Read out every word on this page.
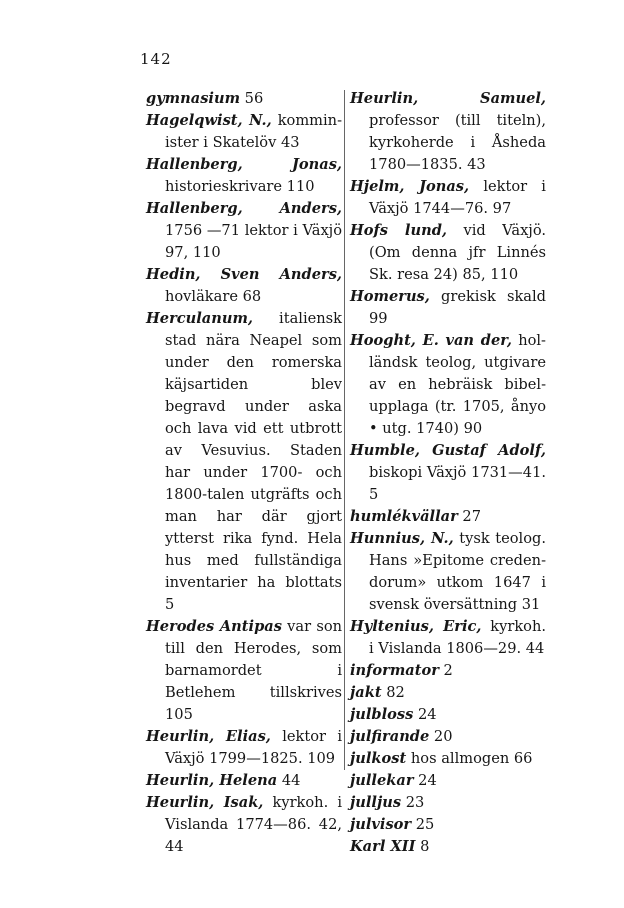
142
gymnasium 56
Hagelqwist, N., komminister i Skatelöv 43
Hallenberg, Jonas, historieskrivare 110
Hallenberg, Anders, 1756 —71 lektor i Växjö 97, 110
Hedin, Sven Anders, hovläkare 68
Herculanum, italiensk stad nära Neapel som under den romerska käjsartiden blev begravd under aska och lava vid ett utbrott av Vesuvius. Staden har under 1700- och 1800-talen utgräfts och man har där gjort ytterst rika fynd. Hela hus med fullständiga inventarier ha blottats 5
Herodes Antipas var son till den Herodes, som barnamordet i Betlehem tillskrives 105
Heurlin, Elias, lektor i Växjö 1799—1825. 109
Heurlin, Helena 44
Heurlin, Isak, kyrkoh. i Vislanda 1774—86. 42, 44
Heurlin, Samuel, professor (till titeln), kyrkoherde i Åsheda 1780—1835. 43
Hjelm, Jonas, lektor i Växjö 1744—76. 97
Hofs lund, vid Växjö. (Om denna jfr Linnés Sk. resa 24) 85, 110
Homerus, grekisk skald 99
Hooght, E. van der, holländsk teolog, utgivare av en hebräisk bibelupplaga (tr. 1705, ånyo • utg. 1740) 90
Humble, Gustaf Adolf, biskopi Växjö 1731—41. 5
humlékvällar 27
Hunnius, N., tysk teolog. Hans »Epitome credendorum» utkom 1647 i svensk översättning 31
Hyltenius, Eric, kyrkoh. i Vislanda 1806—29. 44
informator 2
jakt 82
julbloss 24
julfirande 20
julkost hos allmogen 66
jullekar 24
julljus 23
julvisor 25
Karl XII 8
